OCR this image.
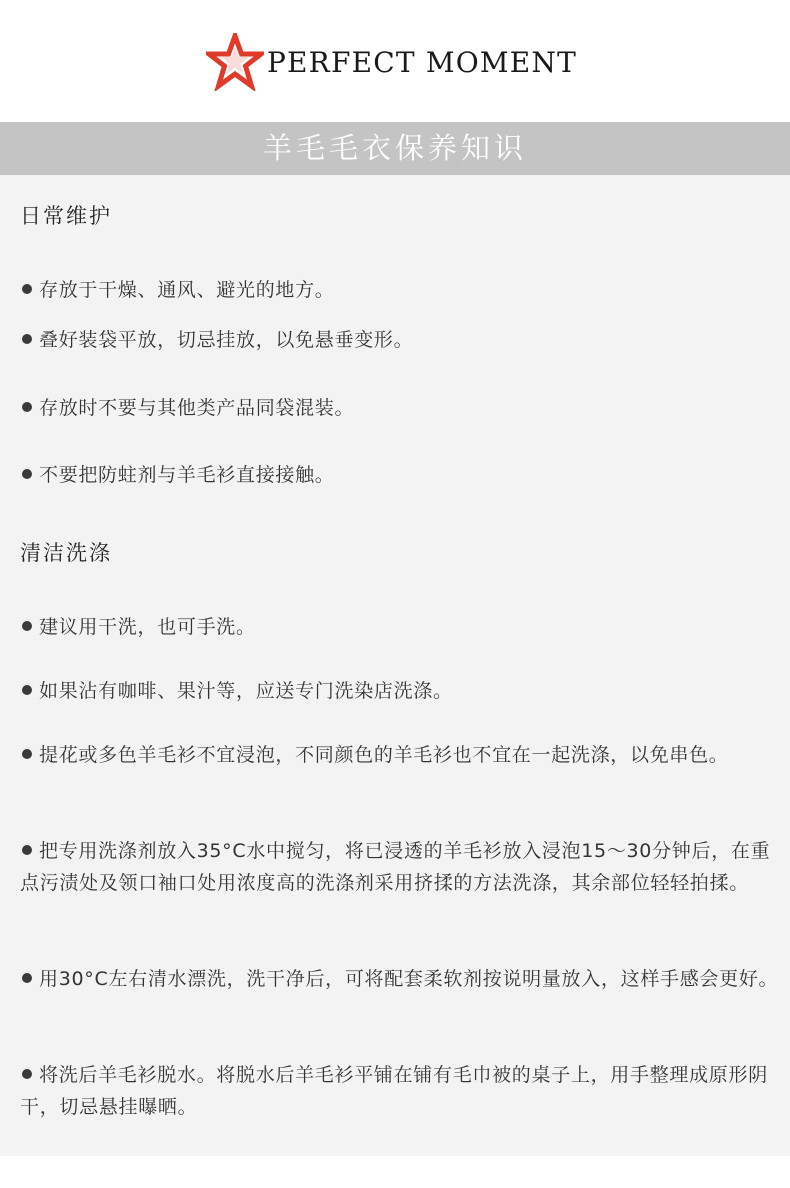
PERFECT MOMENT
羊毛毛衣保养知识
日常维护
存放于干燥、通风、避光的地方。
叠好装袋平放，切忌挂放，以免悬垂变形。
存放时不要与其他类产品同袋混装。
不要把防蛀剂与羊毛衫直接接触。
清洁洗涤
建议用干洗，也可手洗。
如果沾有咖啡、果汁等，应送专门洗染店洗涤。
提花或多色羊毛衫不宜浸泡，不同颜色的羊毛衫也不宜在一起洗涤，以免串色。
把专用洗涤剂放入35°C水中搅匀，将已浸透的羊毛衫放入浸泡15～30分钟后，在重点污渍处及领口袖口处用浓度高的洗涤剂采用挤揉的方法洗涤，其余部位轻轻拍揉。
用30°C左右清水漂洗，洗干净后，可将配套柔软剂按说明量放入，这样手感会更好。
将洗后羊毛衫脱水。将脱水后羊毛衫平铺在铺有毛巾被的桌子上，用手整理成原形阴干，切忌悬挂曝晒。
